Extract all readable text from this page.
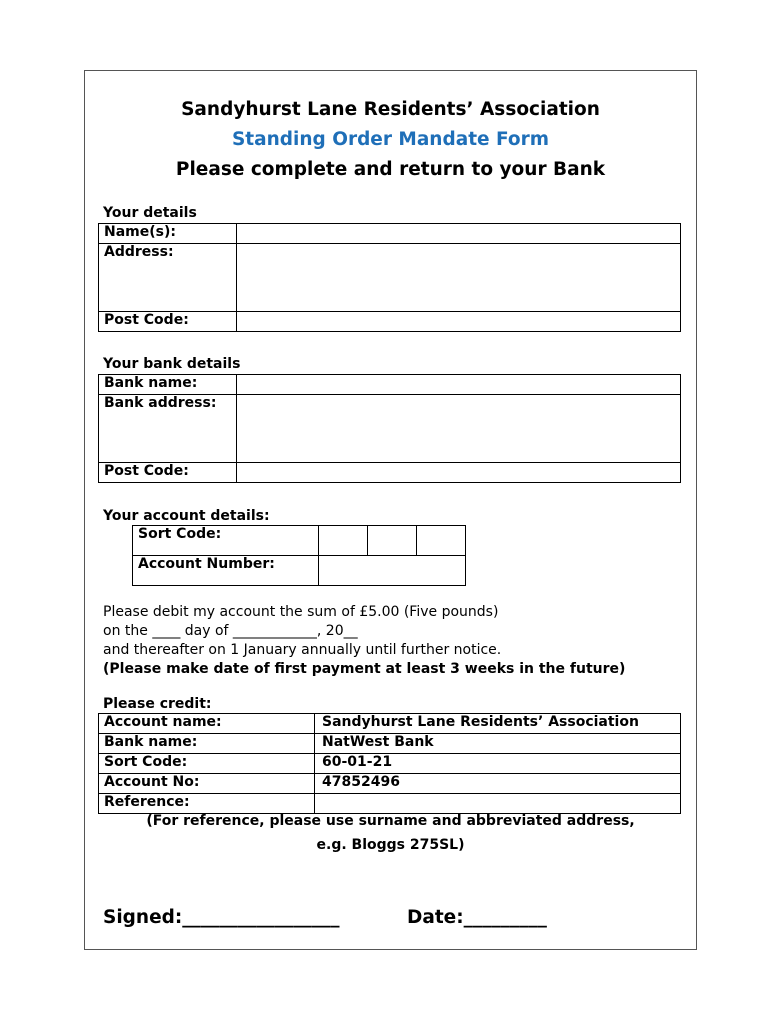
Sandyhurst Lane Residents’ Association
Standing Order Mandate Form
Please complete and return to your Bank
Your details
Name(s):	
Address:	
Post Code:	
Your bank details
Bank name:	
Bank address:	
Post Code:	
Your account details:
Sort Code:			
Account Number:			
Please debit my account the sum of £5.00 (Five pounds)
on the ____ day of ____________, 20__
and thereafter on 1 January annually until further notice.
(Please make date of first payment at least 3 weeks in the future)
Please credit:
Account name:	Sandyhurst Lane Residents’ Association
Bank name:	NatWest Bank
Sort Code:	60-01-21
Account No:	47852496
Reference:	
(For reference, please use surname and abbreviated address,
e.g. Bloggs 275SL)
Signed:_________________	Date:_________
